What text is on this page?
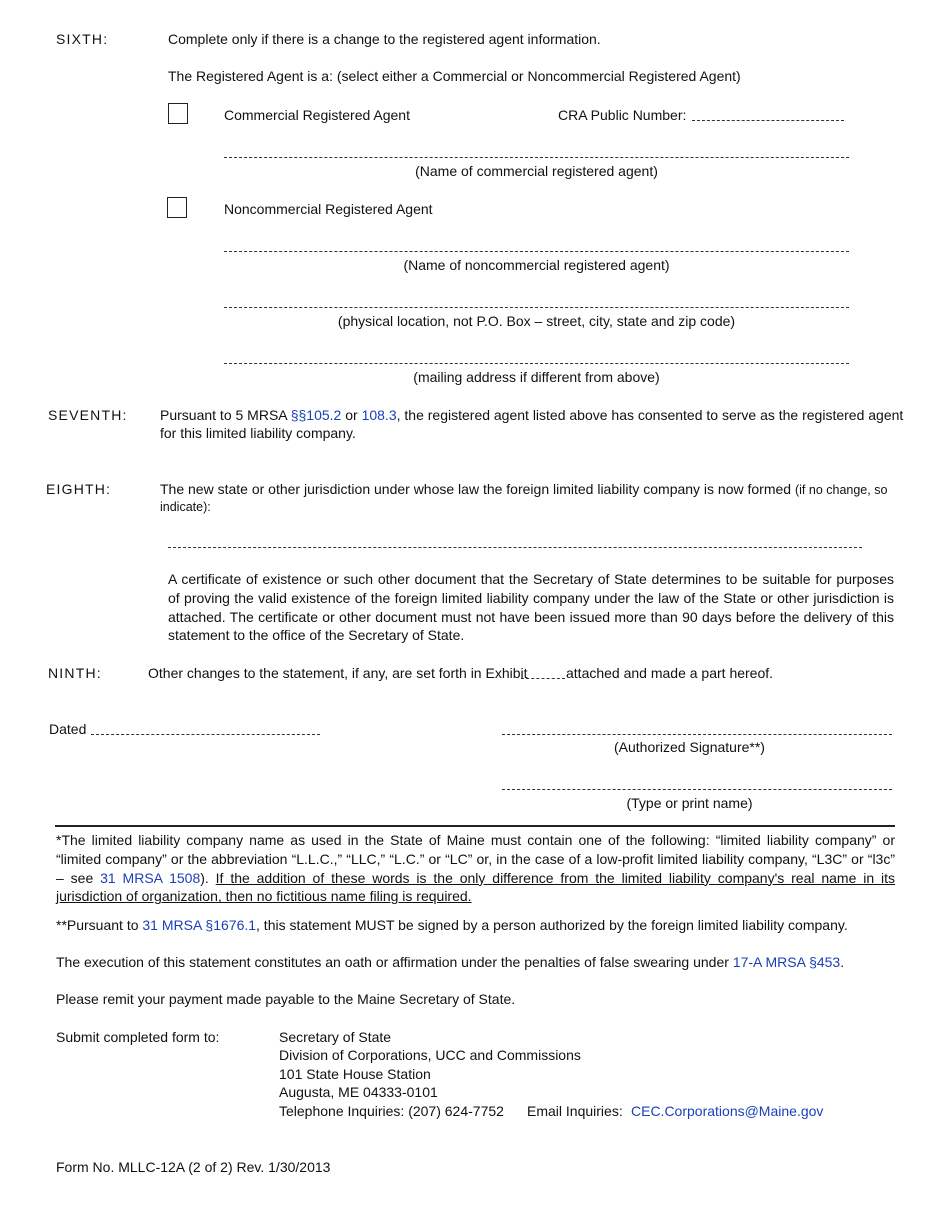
SIXTH:	Complete only if there is a change to the registered agent information.
The Registered Agent is a: (select either a Commercial or Noncommercial Registered Agent)
Commercial Registered Agent	CRA Public Number:
(Name of commercial registered agent)
Noncommercial Registered Agent
(Name of noncommercial registered agent)
(physical location, not P.O. Box – street, city, state and zip code)
(mailing address if different from above)
SEVENTH: Pursuant to 5 MRSA §§105.2 or 108.3, the registered agent listed above has consented to serve as the registered agent
for this limited liability company.
EIGHTH:	The new state or other jurisdiction under whose law the foreign limited liability company is now formed (if no change, so
indicate):
A certificate of existence or such other document that the Secretary of State determines to be suitable for purposes of proving the valid existence of the foreign limited liability company under the law of the State or other jurisdiction is attached. The certificate or other document must not have been issued more than 90 days before the delivery of this statement to the office of the Secretary of State.
NINTH:	Other changes to the statement, if any, are set forth in Exhibit	attached and made a part hereof.
Dated
(Authorized Signature**)
(Type or print name)
*The limited liability company name as used in the State of Maine must contain one of the following: “limited liability company” or “limited company” or the abbreviation “L.L.C.,” “LLC,” “L.C.” or “LC” or, in the case of a low-profit limited liability company, “L3C” or “l3c” – see 31 MRSA 1508). If the addition of these words is the only difference from the limited liability company's real name in its jurisdiction of organization, then no fictitious name filing is required.
**Pursuant to 31 MRSA §1676.1, this statement MUST be signed by a person authorized by the foreign limited liability company.
The execution of this statement constitutes an oath or affirmation under the penalties of false swearing under 17-A MRSA §453.
Please remit your payment made payable to the Maine Secretary of State.
Submit completed form to:	Secretary of State
Division of Corporations, UCC and Commissions
101 State House Station
Augusta, ME 04333-0101
Telephone Inquiries: (207) 624-7752 Email Inquiries: CEC.Corporations@Maine.gov
Form No. MLLC-12A (2 of 2) Rev. 1/30/2013
